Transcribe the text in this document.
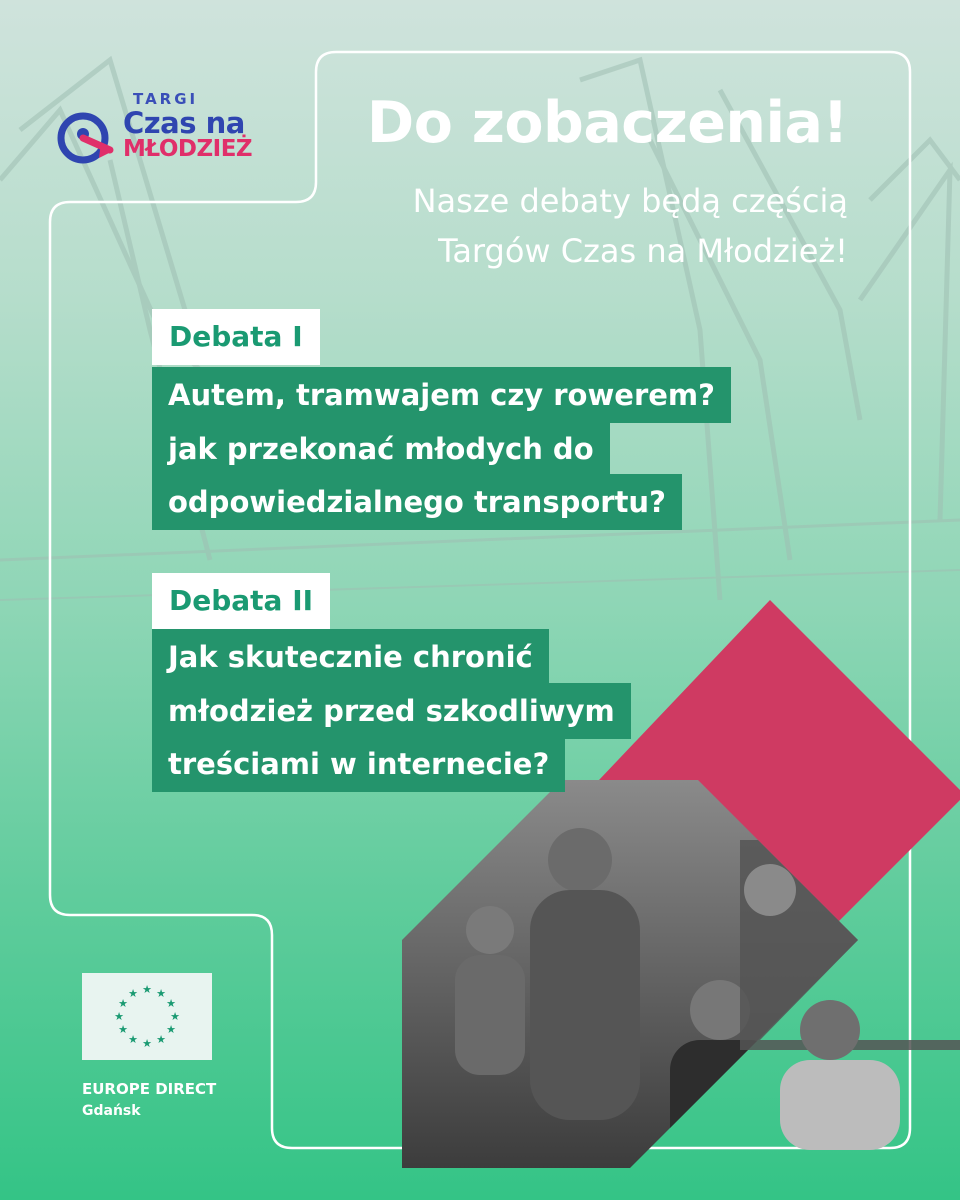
TARGI
Czas na
MŁODZIEŻ Do zobaczenia!
Nasze debaty będą częścią
Targów Czas na Młodzież!
Debata I
Autem, tramwajem czy rowerem?
jak przekonać młodych do
odpowiedzialnego transportu?
Debata II
Jak skutecznie chronić
młodzież przed szkodliwym
treściami w internecie?
★ ★
★
★
★
★
★
★
★
★
★
★
EUROPE DIRECT
Gdańsk
